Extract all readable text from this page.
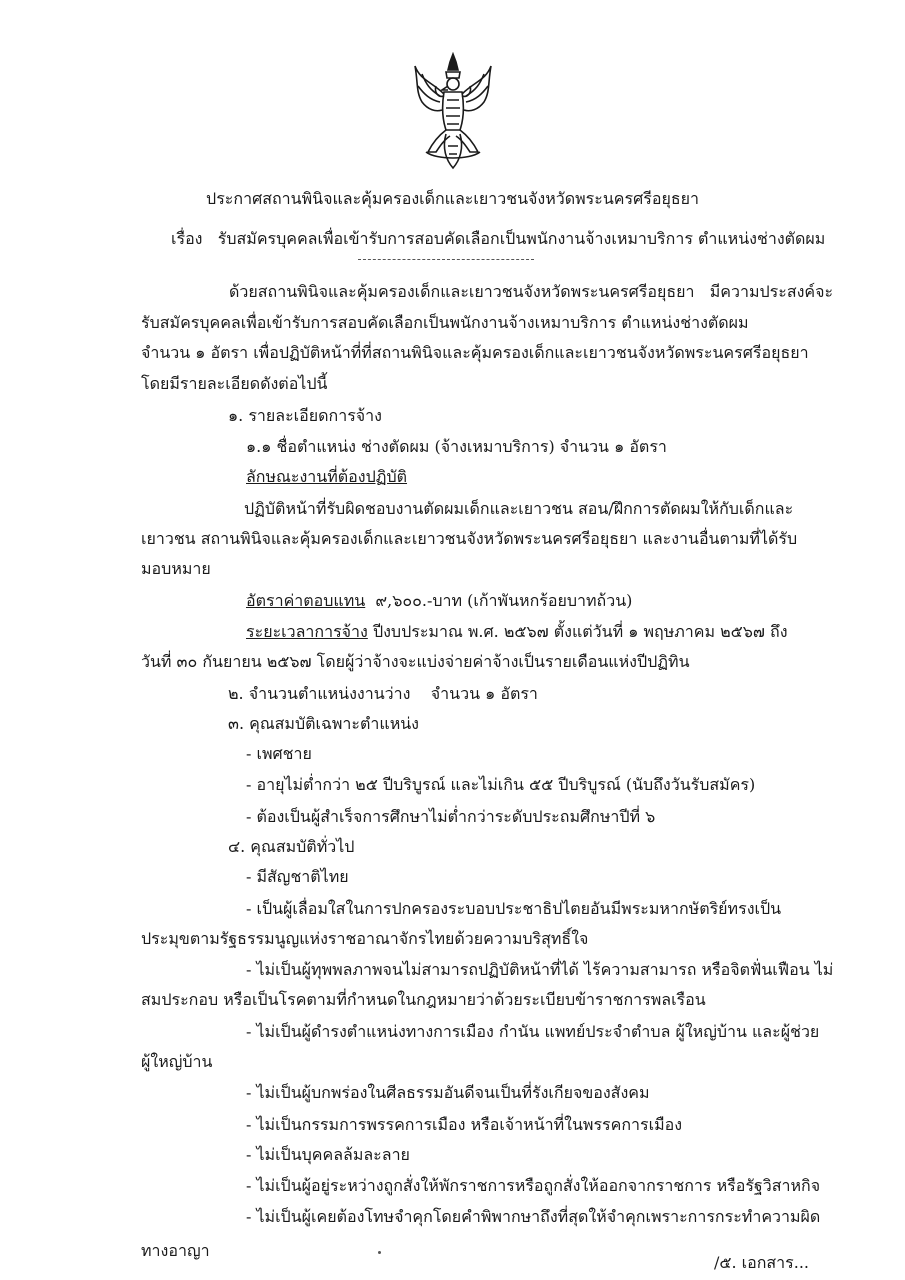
ประกาศสถานพินิจและคุ้มครองเด็กและเยาวชนจังหวัดพระนครศรีอยุธยา
เรื่อง รับสมัครบุคคลเพื่อเข้ารับการสอบคัดเลือกเป็นพนักงานจ้างเหมาบริการ ตำแหน่งช่างตัดผม
ด้วยสถานพินิจและคุ้มครองเด็กและเยาวชนจังหวัดพระนครศรีอยุธยา มีความประสงค์จะ
รับสมัครบุคคลเพื่อเข้ารับการสอบคัดเลือกเป็นพนักงานจ้างเหมาบริการ ตำแหน่งช่างตัดผม
จำนวน ๑ อัตรา เพื่อปฏิบัติหน้าที่ที่สถานพินิจและคุ้มครองเด็กและเยาวชนจังหวัดพระนครศรีอยุธยา
โดยมีรายละเอียดดังต่อไปนี้
๑. รายละเอียดการจ้าง
๑.๑ ชื่อตำแหน่ง ช่างตัดผม (จ้างเหมาบริการ) จำนวน ๑ อัตรา
ลักษณะงานที่ต้องปฏิบัติ
ปฏิบัติหน้าที่รับผิดชอบงานตัดผมเด็กและเยาวชน สอน/ฝึกการตัดผมให้กับเด็กและ
เยาวชน สถานพินิจและคุ้มครองเด็กและเยาวชนจังหวัดพระนครศรีอยุธยา และงานอื่นตามที่ได้รับ
มอบหมาย
อัตราค่าตอบแทน ๙,๖๐๐.-บาท (เก้าพันหกร้อยบาทถ้วน)
ระยะเวลาการจ้าง ปีงบประมาณ พ.ศ. ๒๕๖๗ ตั้งแต่วันที่ ๑ พฤษภาคม ๒๕๖๗ ถึง
วันที่ ๓๐ กันยายน ๒๕๖๗ โดยผู้ว่าจ้างจะแบ่งจ่ายค่าจ้างเป็นรายเดือนแห่งปีปฏิทิน
๒. จำนวนตำแหน่งงานว่าง จำนวน ๑ อัตรา
๓. คุณสมบัติเฉพาะตำแหน่ง
- เพศชาย
- อายุไม่ต่ำกว่า ๒๕ ปีบริบูรณ์ และไม่เกิน ๕๕ ปีบริบูรณ์ (นับถึงวันรับสมัคร)
- ต้องเป็นผู้สำเร็จการศึกษาไม่ต่ำกว่าระดับประถมศึกษาปีที่ ๖
๔. คุณสมบัติทั่วไป
- มีสัญชาติไทย
- เป็นผู้เลื่อมใสในการปกครองระบอบประชาธิปไตยอันมีพระมหากษัตริย์ทรงเป็น
ประมุขตามรัฐธรรมนูญแห่งราชอาณาจักรไทยด้วยความบริสุทธิ์ใจ
- ไม่เป็นผู้ทุพพลภาพจนไม่สามารถปฏิบัติหน้าที่ได้ ไร้ความสามารถ หรือจิตฟั่นเฟือน ไม่
สมประกอบ หรือเป็นโรคตามที่กำหนดในกฎหมายว่าด้วยระเบียบข้าราชการพลเรือน
- ไม่เป็นผู้ดำรงตำแหน่งทางการเมือง กำนัน แพทย์ประจำตำบล ผู้ใหญ่บ้าน และผู้ช่วย
ผู้ใหญ่บ้าน
- ไม่เป็นผู้บกพร่องในศีลธรรมอันดีจนเป็นที่รังเกียจของสังคม
- ไม่เป็นกรรมการพรรคการเมือง หรือเจ้าหน้าที่ในพรรคการเมือง
- ไม่เป็นบุคคลล้มละลาย
- ไม่เป็นผู้อยู่ระหว่างถูกสั่งให้พักราชการหรือถูกสั่งให้ออกจากราชการ หรือรัฐวิสาหกิจ
- ไม่เป็นผู้เคยต้องโทษจำคุกโดยคำพิพากษาถึงที่สุดให้จำคุกเพราะการกระทำความผิด
ทางอาญา
/๕. เอกสาร...
